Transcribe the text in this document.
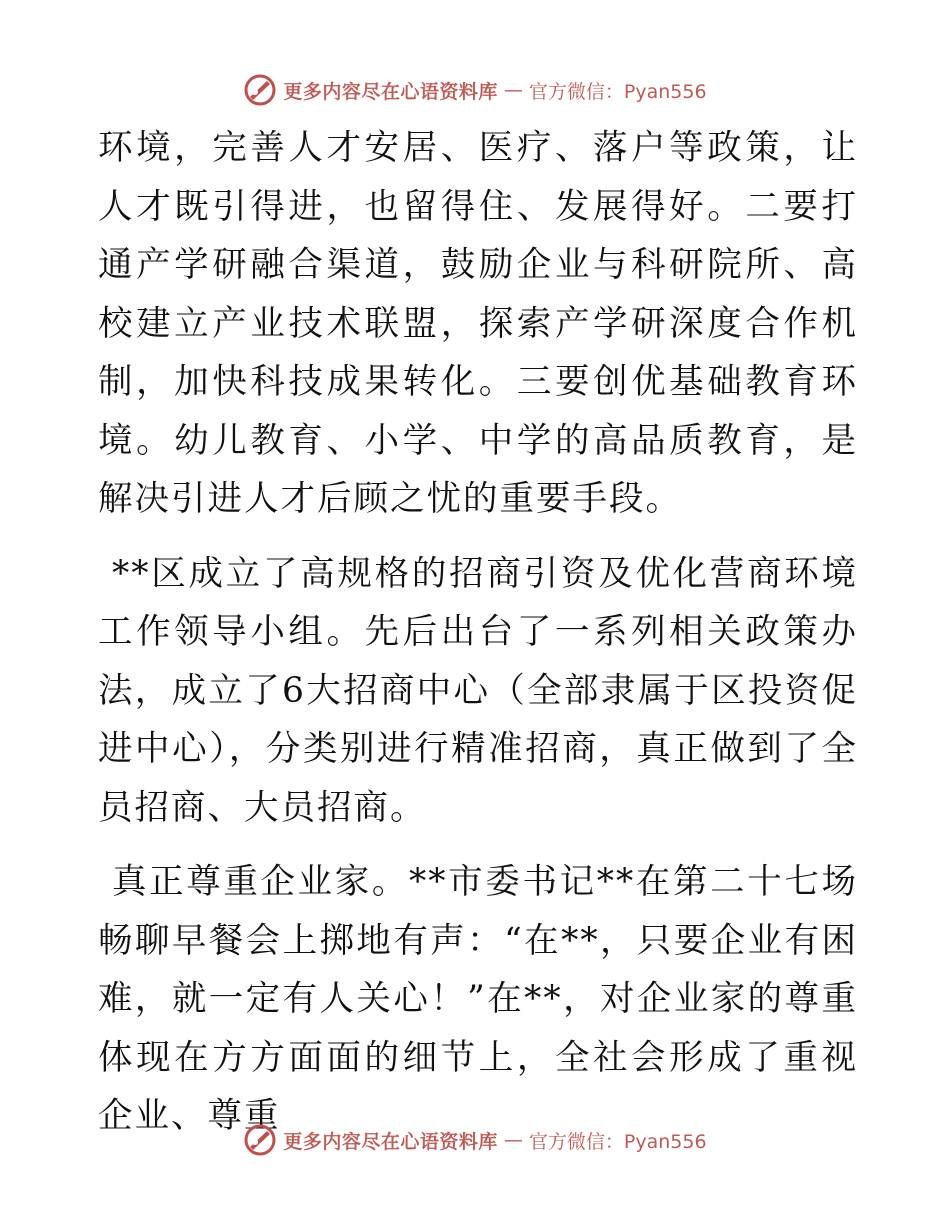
更多内容尽在心语资料库 — 官方微信：Pyan556

环境，完善人才安居、医疗、落户等政策，让人才既引得进，也留得住、发展得好。二要打通产学研融合渠道，鼓励企业与科研院所、高校建立产业技术联盟，探索产学研深度合作机制，加快科技成果转化。三要创优基础教育环境。幼儿教育、小学、中学的高品质教育，是解决引进人才后顾之忧的重要手段。

**区成立了高规格的招商引资及优化营商环境工作领导小组。先后出台了一系列相关政策办法，成立了6大招商中心（全部隶属于区投资促进中心），分类别进行精准招商，真正做到了全员招商、大员招商。

真正尊重企业家。**市委书记**在第二十七场畅聊早餐会上掷地有声：“在**，只要企业有困难，就一定有人关心！”在**，对企业家的尊重体现在方方面面的细节上，全社会形成了重视企业、尊重

更多内容尽在心语资料库 — 官方微信：Pyan556
